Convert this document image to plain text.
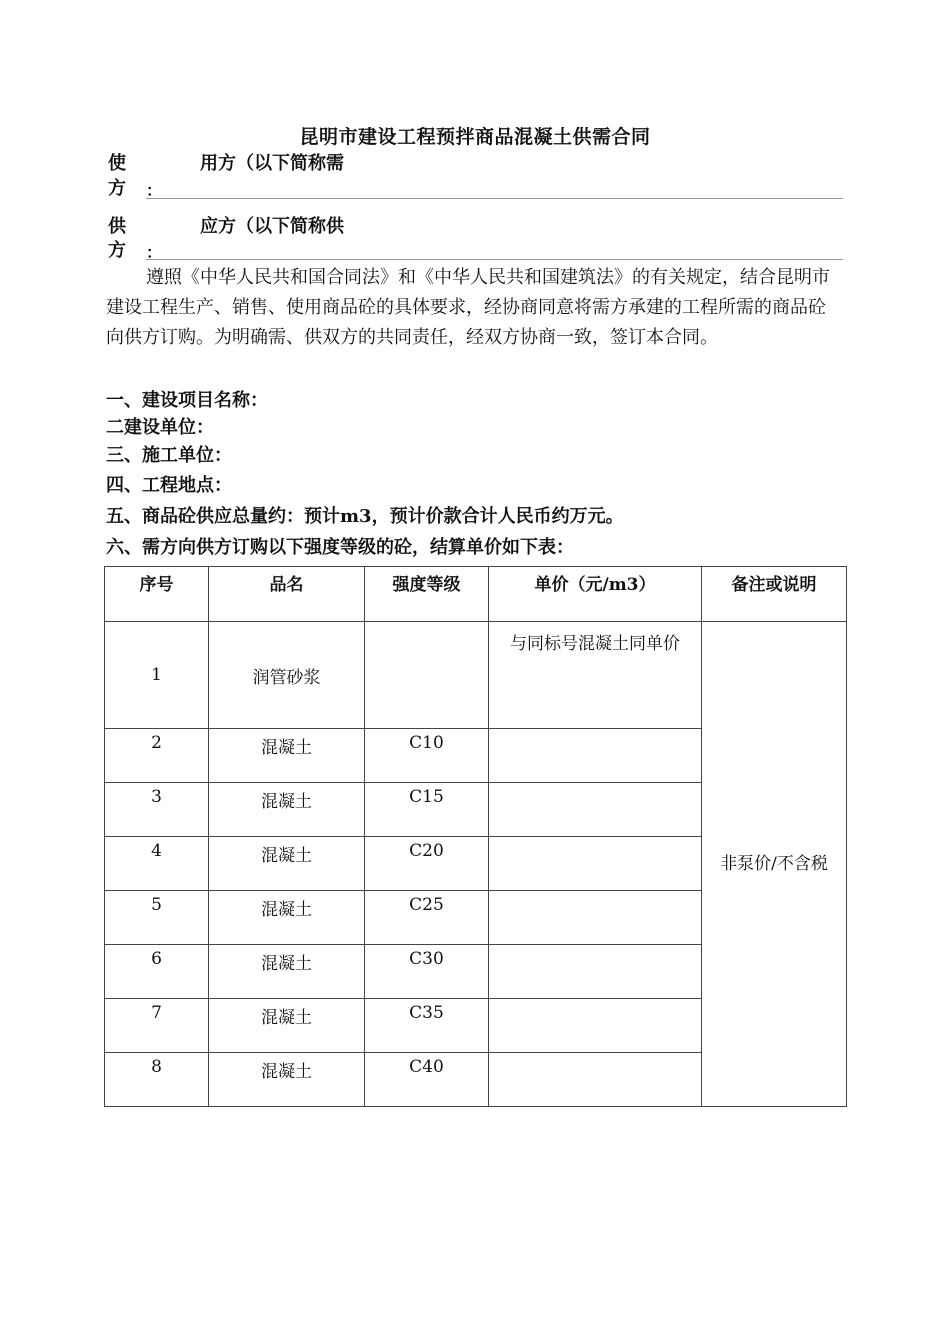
昆明市建设工程预拌商品混凝土供需合同
使
方
用方（以下简称需
：
供
方
应方（以下简称供
：
遵照《中华人民共和国合同法》和《中华人民共和国建筑法》的有关规定，结合昆明市建设工程生产、销售、使用商品砼的具体要求，经协商同意将需方承建的工程所需的商品砼向供方订购。为明确需、供双方的共同责任，经双方协商一致，签订本合同。
一、建设项目名称：
二建设单位：
三、施工单位：
四、工程地点：
五、商品砼供应总量约：预计m3，预计价款合计人民币约万元。
六、需方向供方订购以下强度等级的砼，结算单价如下表：
序号	品名	强度等级	单价（元/m3）	备注或说明
1	润管砂浆		与同标号混凝土同单价	非泵价/不含税
2	混凝土	C10		
3	混凝土	C15		
4	混凝土	C20		
5	混凝土	C25		
6	混凝土	C30		
7	混凝土	C35		
8	混凝土	C40		
